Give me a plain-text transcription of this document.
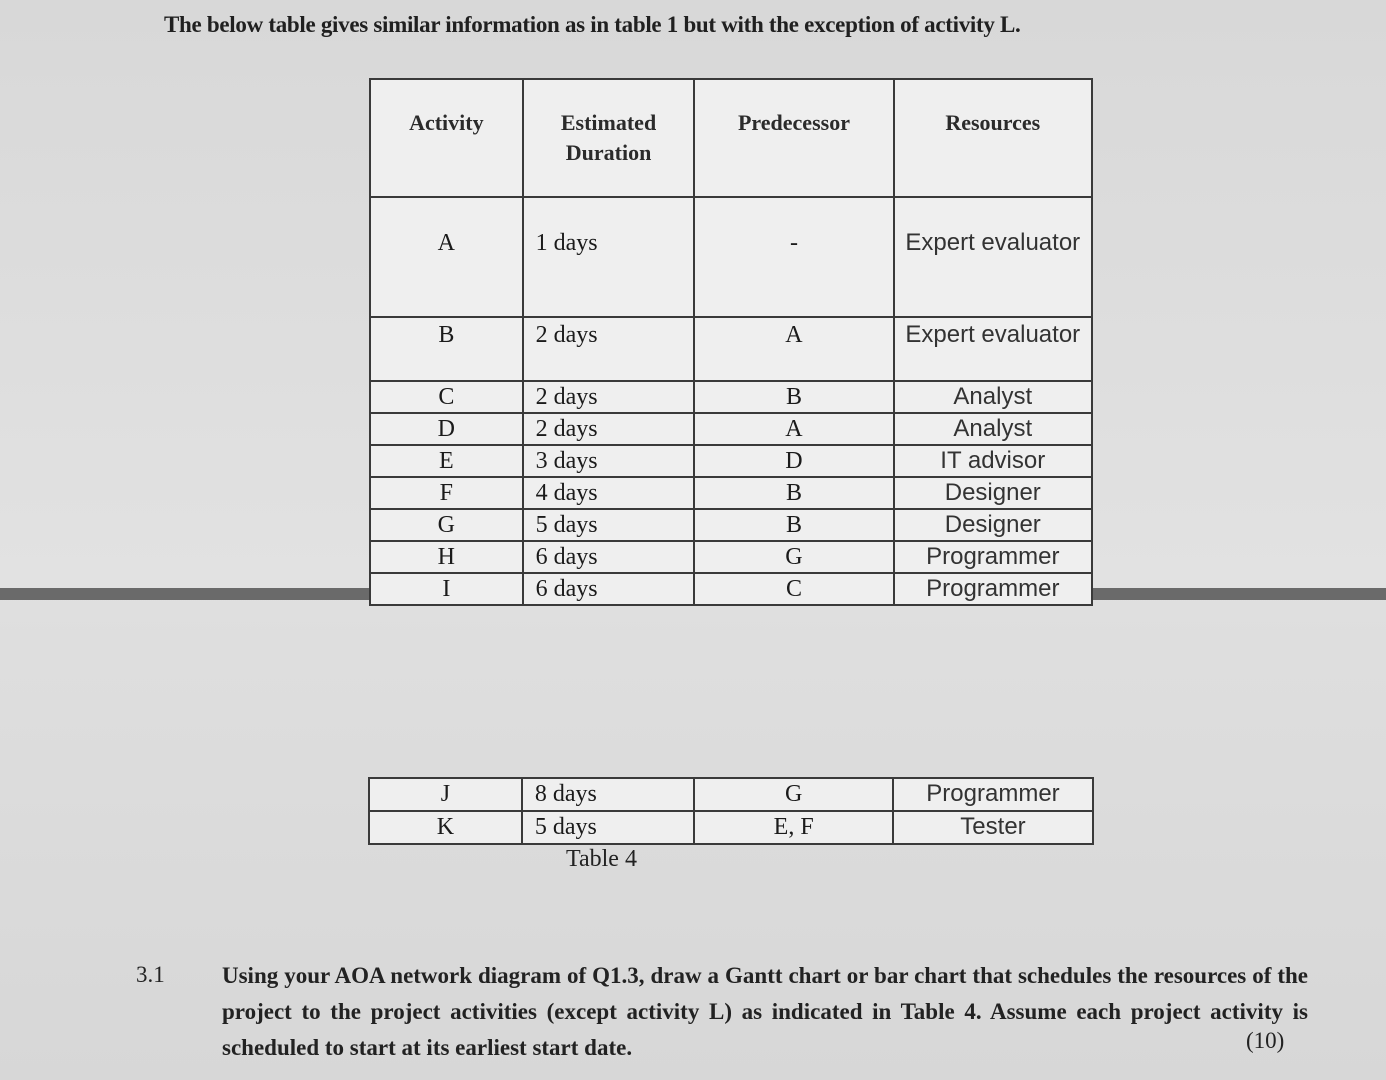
The below table gives similar information as in table 1 but with the exception of activity L.
Activity	Estimated Duration	Predecessor	Resources
A	1 days	-	Expert evaluator
B	2 days	A	Expert evaluator
C	2 days	B	Analyst
D	2 days	A	Analyst
E	3 days	D	IT advisor
F	4 days	B	Designer
G	5 days	B	Designer
H	6 days	G	Programmer
I	6 days	C	Programmer
J	8 days	G	Programmer
K	5 days	E, F	Tester
Table 4
3.1 Using your AOA network diagram of Q1.3, draw a Gantt chart or bar chart that schedules the resources of the project to the project activities (except activity L) as indicated in Table 4. Assume each project activity is scheduled to start at its earliest start date.	(10)
